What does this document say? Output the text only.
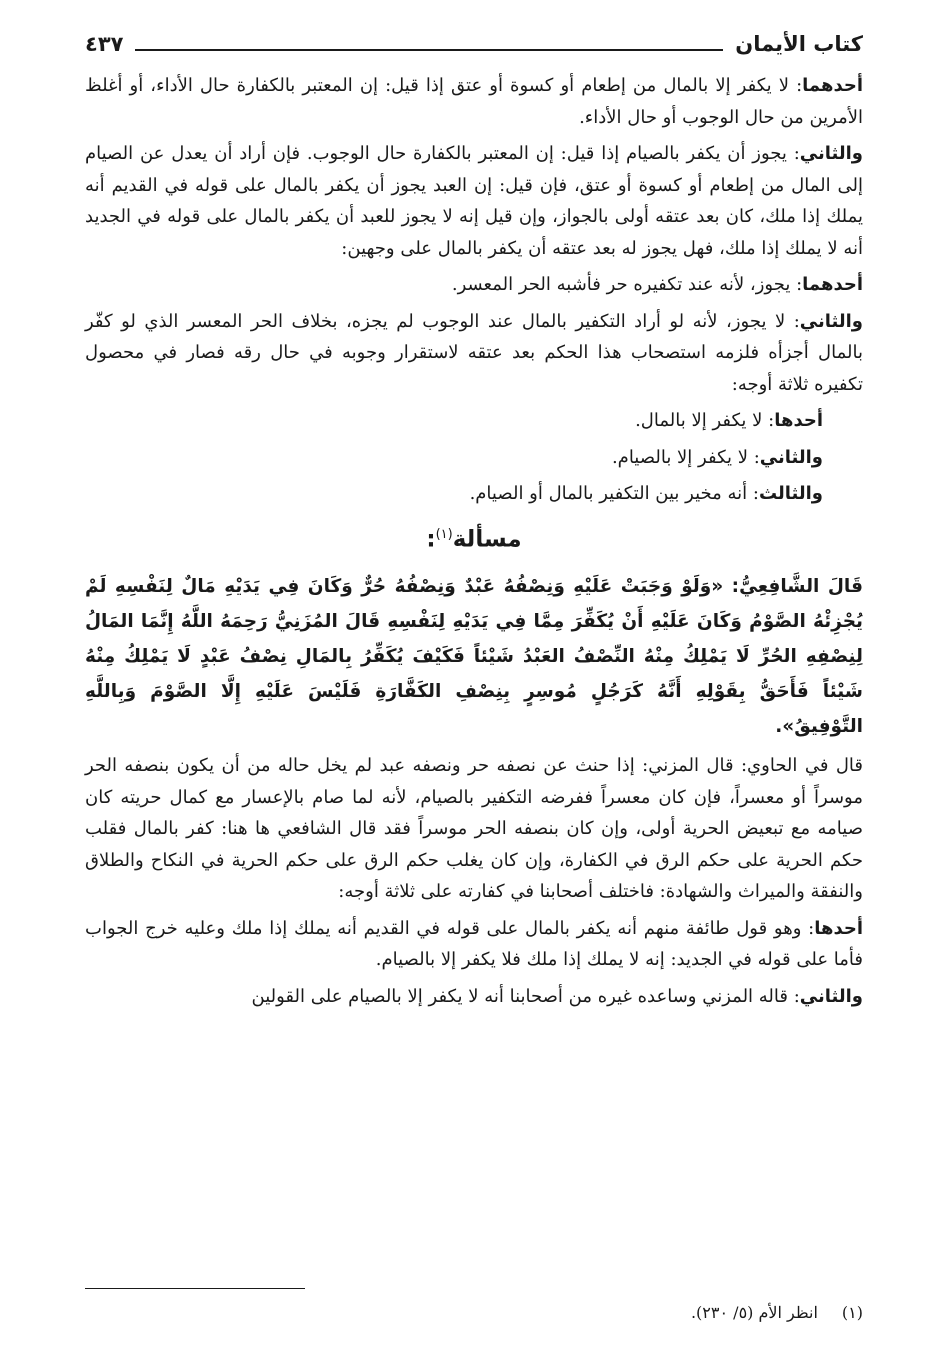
كتاب الأيمان
٤٣٧

أحدهما: لا يكفر إلا بالمال من إطعام أو كسوة أو عتق إذا قيل: إن المعتبر بالكفارة حال الأداء، أو أغلظ الأمرين من حال الوجوب أو حال الأداء.

والثاني: يجوز أن يكفر بالصيام إذا قيل: إن المعتبر بالكفارة حال الوجوب. فإن أراد أن يعدل عن الصيام إلى المال من إطعام أو كسوة أو عتق، فإن قيل: إن العبد يجوز أن يكفر بالمال على قوله في القديم أنه يملك إذا ملك، كان بعد عتقه أولى بالجواز، وإن قيل إنه لا يجوز للعبد أن يكفر بالمال على قوله في الجديد أنه لا يملك إذا ملك، فهل يجوز له بعد عتقه أن يكفر بالمال على وجهين:

أحدهما: يجوز، لأنه عند تكفيره حر فأشبه الحر المعسر.

والثاني: لا يجوز، لأنه لو أراد التكفير بالمال عند الوجوب لم يجزه، بخلاف الحر المعسر الذي لو كفّر بالمال أجزأه فلزمه استصحاب هذا الحكم بعد عتقه لاستقرار وجوبه في حال رقه فصار في محصول تكفيره ثلاثة أوجه:

أحدها: لا يكفر إلا بالمال.

والثاني: لا يكفر إلا بالصيام.

والثالث: أنه مخير بين التكفير بالمال أو الصيام.

مسألة$^{(١)}$:

قَالَ الشَّافِعِيُّ: «وَلَوْ وَجَبَتْ عَلَيْهِ وَنِصْفُهُ عَبْدٌ وَنِصْفُهُ حُرٌّ وَكَانَ فِي يَدَيْهِ مَالٌ لِنَفْسِهِ لَمْ يُجْزِئْهُ الصَّوْمُ وَكَانَ عَلَيْهِ أَنْ يُكَفِّرَ مِمَّا فِي يَدَيْهِ لِنَفْسِهِ قَالَ المُزَنِيُّ رَحِمَهُ اللَّهُ إِنَّمَا المَالُ لِنِصْفِهِ الحُرِّ لَا يَمْلِكُ مِنْهُ النِّصْفُ العَبْدُ شَيْئاً فَكَيْفَ يُكَفِّرُ بِالمَالِ نِصْفُ عَبْدٍ لَا يَمْلِكُ مِنْهُ شَيْئاً فَأَحَقُّ بِقَوْلِهِ أَنَّهُ كَرَجُلٍ مُوسِرٍ بِنِصْفِ الكَفَّارَةِ فَلَيْسَ عَلَيْهِ إِلَّا الصَّوْمَ وَبِاللَّهِ التَّوْفِيقُ».

قال في الحاوي: قال المزني: إذا حنث عن نصفه حر ونصفه عبد لم يخل حاله من أن يكون بنصفه الحر موسراً أو معسراً، فإن كان معسراً ففرضه التكفير بالصيام، لأنه لما صام بالإعسار مع كمال حريته كان صيامه مع تبعيض الحرية أولى، وإن كان بنصفه الحر موسراً فقد قال الشافعي ها هنا: كفر بالمال فقلب حكم الحرية على حكم الرق في الكفارة، وإن كان يغلب حكم الرق على حكم الحرية في النكاح والطلاق والنفقة والميراث والشهادة: فاختلف أصحابنا في كفارته على ثلاثة أوجه:

أحدها: وهو قول طائفة منهم أنه يكفر بالمال على قوله في القديم أنه يملك إذا ملك وعليه خرج الجواب فأما على قوله في الجديد: إنه لا يملك إذا ملك فلا يكفر إلا بالصيام.

والثاني: قاله المزني وساعده غيره من أصحابنا أنه لا يكفر إلا بالصيام على القولين

(١)انظر الأم (٥/ ٢٣٠).
